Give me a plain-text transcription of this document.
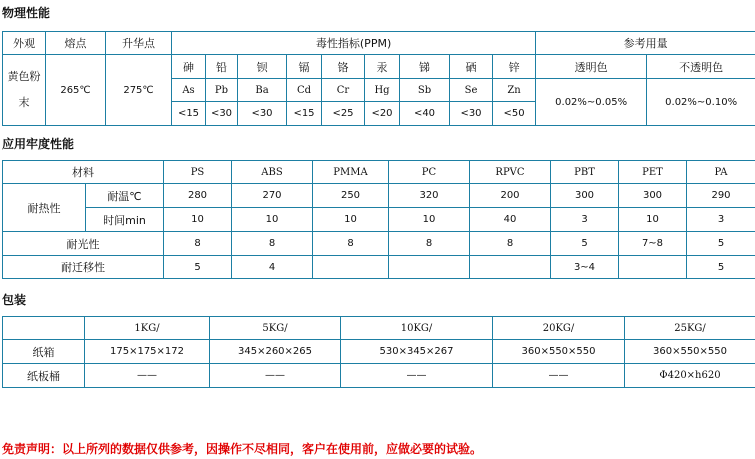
物理性能
外观	熔点	升华点	毒性指标(PPM)									参考用量	
黄色粉末	265℃	275℃	砷	铅	钡	镉	铬	汞	锑	硒	锌	透明色	不透明色
			As	Pb	Ba	Cd	Cr	Hg	Sb	Se	Zn	0.02%~0.05%	0.02%~0.10%
			<15	<30	<30	<15	<25	<20	<40	<30	<50		
应用牢度性能
材料		PS	ABS	PMMA	PC	RPVC	PBT	PET	PA
耐热性	耐温℃	280	270	250	320	200	300	300	290
	时间min	10	10	10	10	40	3	10	3
耐光性		8	8	8	8	8	5	7~8	5
耐迁移性		5	4				3~4		5
包装
	1KG/	5KG/	10KG/	20KG/	25KG/
纸箱	175×175×172	345×260×265	530×345×267	360×550×550	360×550×550
纸板桶	——	——	——	——	Φ420×h620
免责声明：以上所列的数据仅供参考，因操作不尽相同，客户在使用前，应做必要的试验。
